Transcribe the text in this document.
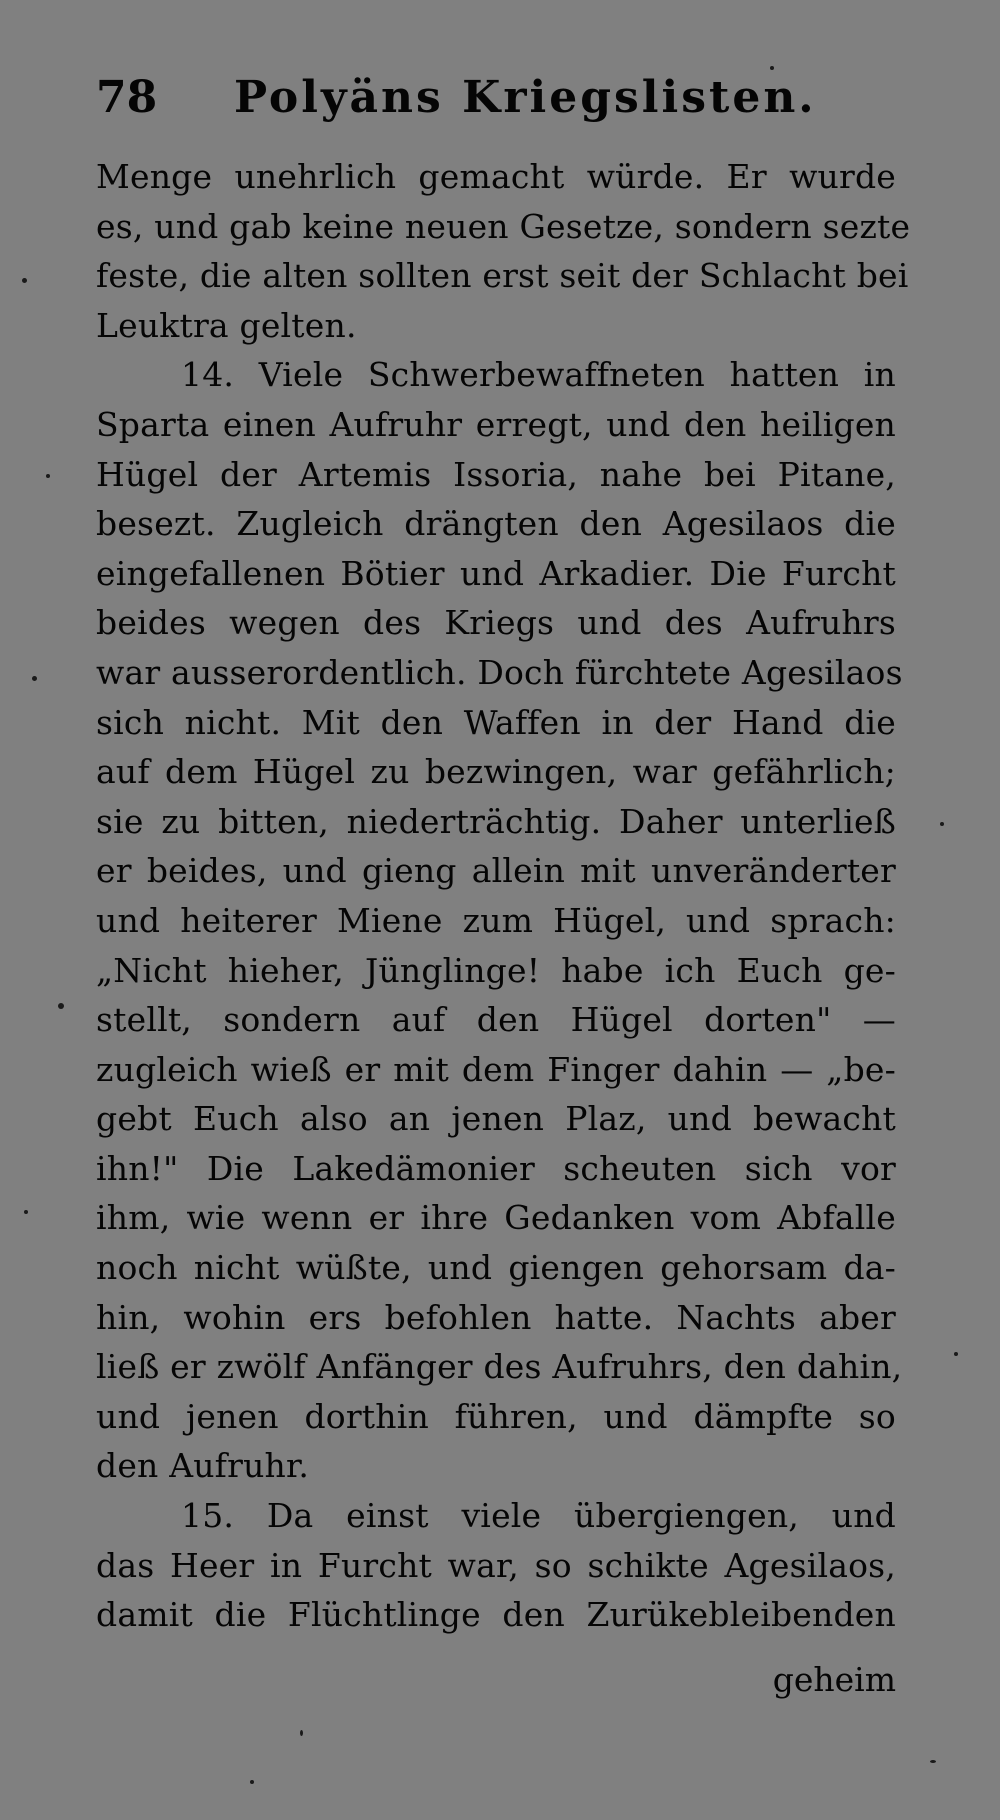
78 Polyäns Kriegslisten.
Menge unehrlich gemacht würde. Er wurde
es, und gab keine neuen Gesetze, sondern sezte
feste, die alten sollten erst seit der Schlacht bei
Leuktra gelten.
14. Viele Schwerbewaffneten hatten in
Sparta einen Aufruhr erregt, und den heiligen
Hügel der Artemis Issoria, nahe bei Pitane,
besezt. Zugleich drängten den Agesilaos die
eingefallenen Bötier und Arkadier. Die Furcht
beides wegen des Kriegs und des Aufruhrs
war ausserordentlich. Doch fürchtete Agesilaos
sich nicht. Mit den Waffen in der Hand die
auf dem Hügel zu bezwingen, war gefährlich;
sie zu bitten, niederträchtig. Daher unterließ
er beides, und gieng allein mit unveränderter
und heiterer Miene zum Hügel, und sprach:
„Nicht hieher, Jünglinge! habe ich Euch ge-
stellt, sondern auf den Hügel dorten" —
zugleich wieß er mit dem Finger dahin — „be-
gebt Euch also an jenen Plaz, und bewacht
ihn!" Die Lakedämonier scheuten sich vor
ihm, wie wenn er ihre Gedanken vom Abfalle
noch nicht wüßte, und giengen gehorsam da-
hin, wohin ers befohlen hatte. Nachts aber
ließ er zwölf Anfänger des Aufruhrs, den dahin,
und jenen dorthin führen, und dämpfte so
den Aufruhr.
15. Da einst viele übergiengen, und
das Heer in Furcht war, so schikte Agesilaos,
damit die Flüchtlinge den Zurükebleibenden
geheim
